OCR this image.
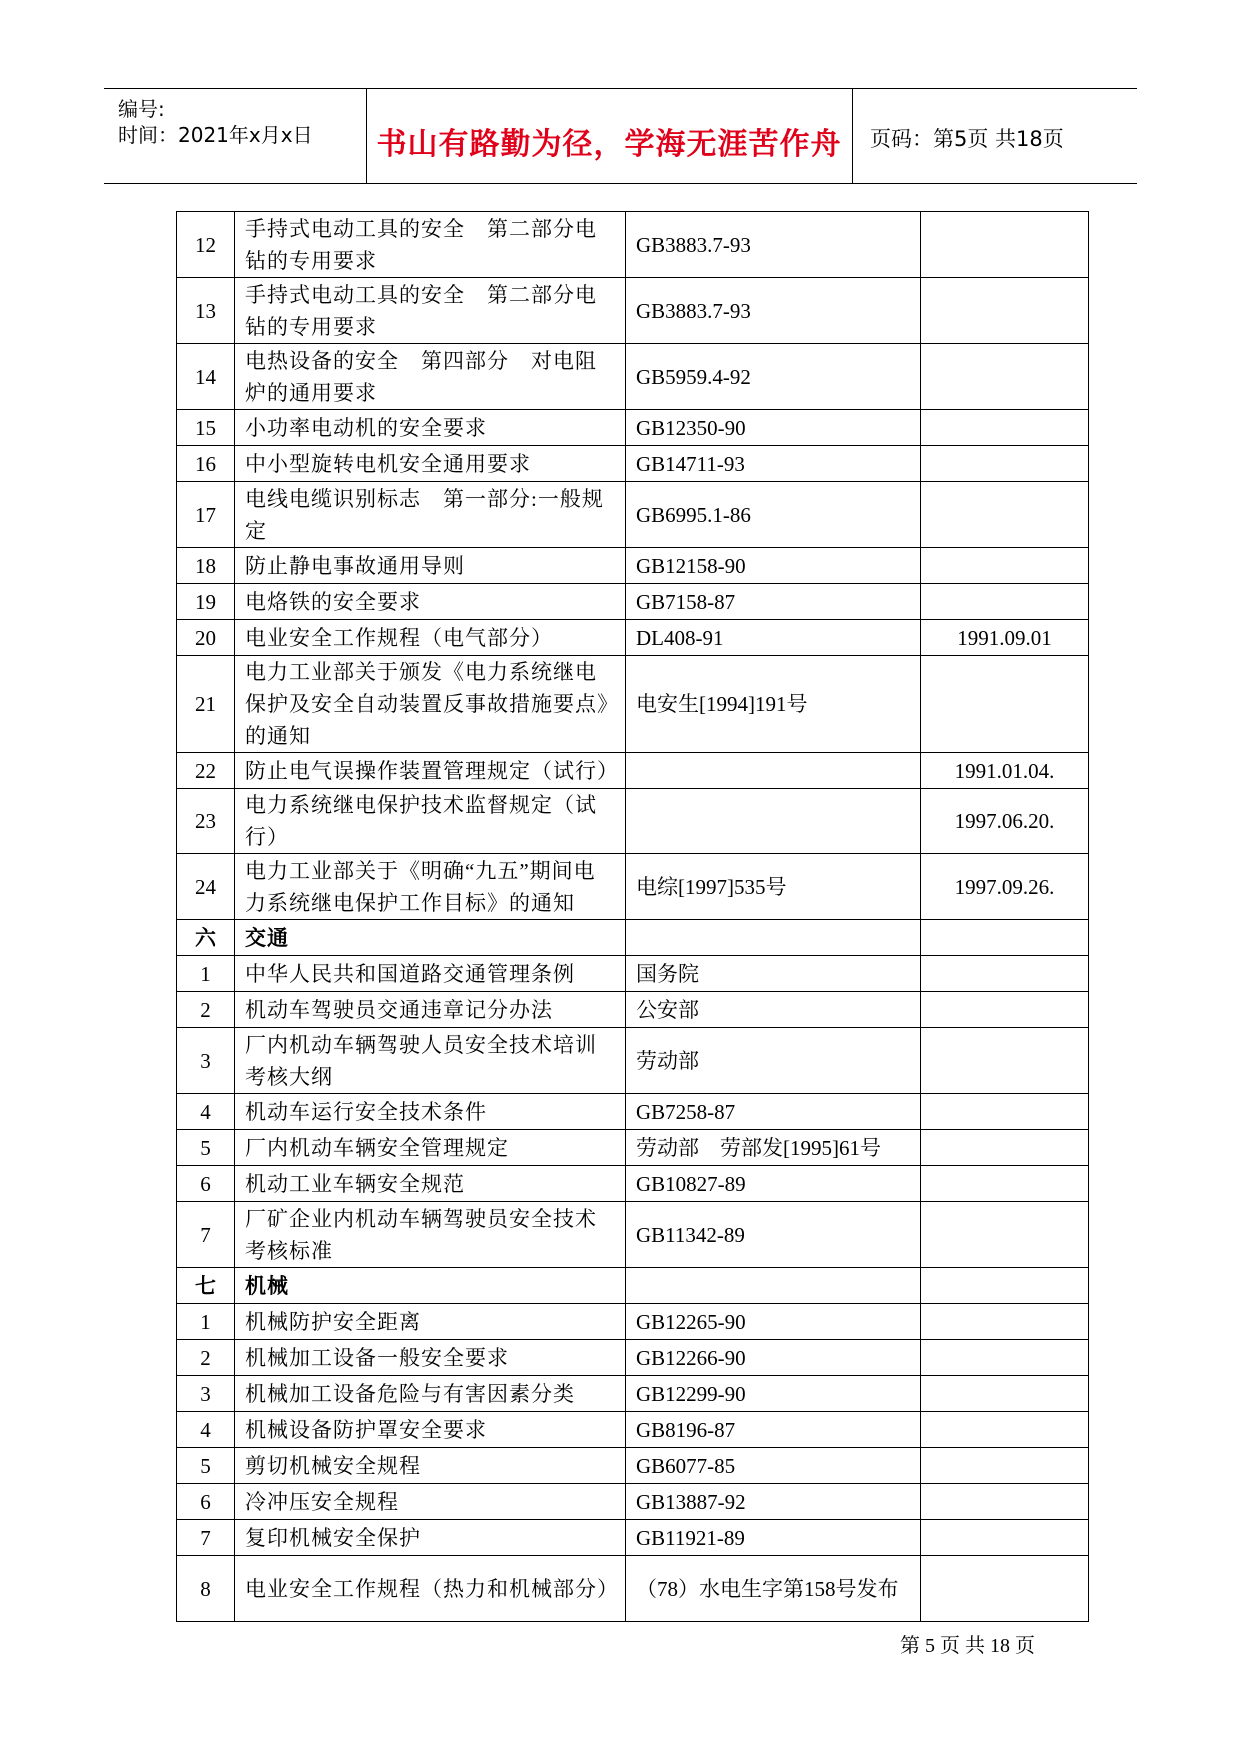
编号:
时间：2021年x月x日	书山有路勤为径，学海无涯苦作舟	页码：第5页 共18页
12	手持式电动工具的安全　第二部分电钻的专用要求	GB3883.7-93	
13	手持式电动工具的安全　第二部分电钻的专用要求	GB3883.7-93	
14	电热设备的安全　第四部分　对电阻炉的通用要求	GB5959.4-92	
15	小功率电动机的安全要求	GB12350-90	
16	中小型旋转电机安全通用要求	GB14711-93	
17	电线电缆识别标志　第一部分:一般规定	GB6995.1-86	
18	防止静电事故通用导则	GB12158-90	
19	电烙铁的安全要求	GB7158-87	
20	电业安全工作规程（电气部分）	DL408-91	1991.09.01
21	电力工业部关于颁发《电力系统继电保护及安全自动装置反事故措施要点》的通知	电安生[1994]191号	
22	防止电气误操作装置管理规定（试行）		1991.01.04.
23	电力系统继电保护技术监督规定（试行）		1997.06.20.
24	电力工业部关于《明确“九五”期间电力系统继电保护工作目标》的通知	电综[1997]535号	1997.09.26.
六	交通		
1	中华人民共和国道路交通管理条例	国务院	
2	机动车驾驶员交通违章记分办法	公安部	
3	厂内机动车辆驾驶人员安全技术培训考核大纲	劳动部	
4	机动车运行安全技术条件	GB7258-87	
5	厂内机动车辆安全管理规定	劳动部　劳部发[1995]61号	
6	机动工业车辆安全规范	GB10827-89	
7	厂矿企业内机动车辆驾驶员安全技术考核标准	GB11342-89	
七	机械		
1	机械防护安全距离	GB12265-90	
2	机械加工设备一般安全要求	GB12266-90	
3	机械加工设备危险与有害因素分类	GB12299-90	
4	机械设备防护罩安全要求	GB8196-87	
5	剪切机械安全规程	GB6077-85	
6	冷冲压安全规程	GB13887-92	
7	复印机械安全保护	GB11921-89	
8	电业安全工作规程（热力和机械部分）	（78）水电生字第158号发布	
第 5 页 共 18 页
